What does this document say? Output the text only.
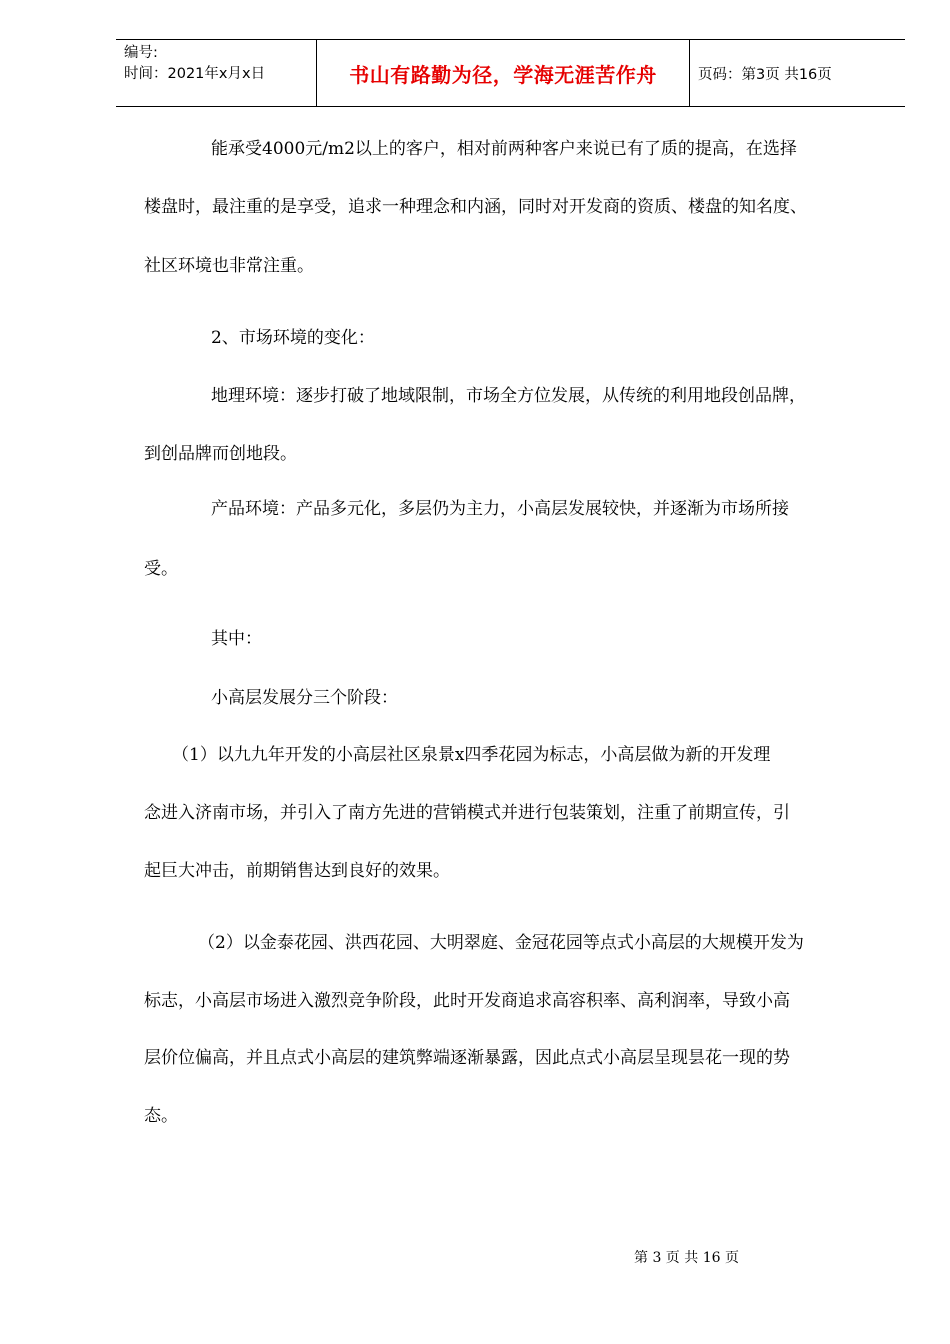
编号:
时间：2021年x月x日	书山有路勤为径，学海无涯苦作舟	页码：第3页 共16页
能承受4000元/m2以上的客户，相对前两种客户来说已有了质的提高，在选择
楼盘时，最注重的是享受，追求一种理念和内涵，同时对开发商的资质、楼盘的知名度、
社区环境也非常注重。
2、市场环境的变化：
地理环境：逐步打破了地域限制，市场全方位发展，从传统的利用地段创品牌，
到创品牌而创地段。
产品环境：产品多元化，多层仍为主力，小高层发展较快，并逐渐为市场所接
受。
其中：
小高层发展分三个阶段：
（1）以九九年开发的小高层社区泉景x四季花园为标志，小高层做为新的开发理
念进入济南市场，并引入了南方先进的营销模式并进行包装策划，注重了前期宣传，引
起巨大冲击，前期销售达到良好的效果。
（2）以金泰花园、洪西花园、大明翠庭、金冠花园等点式小高层的大规模开发为
标志，小高层市场进入激烈竞争阶段，此时开发商追求高容积率、高利润率，导致小高
层价位偏高，并且点式小高层的建筑弊端逐渐暴露，因此点式小高层呈现昙花一现的势
态。
第 3 页 共 16 页
